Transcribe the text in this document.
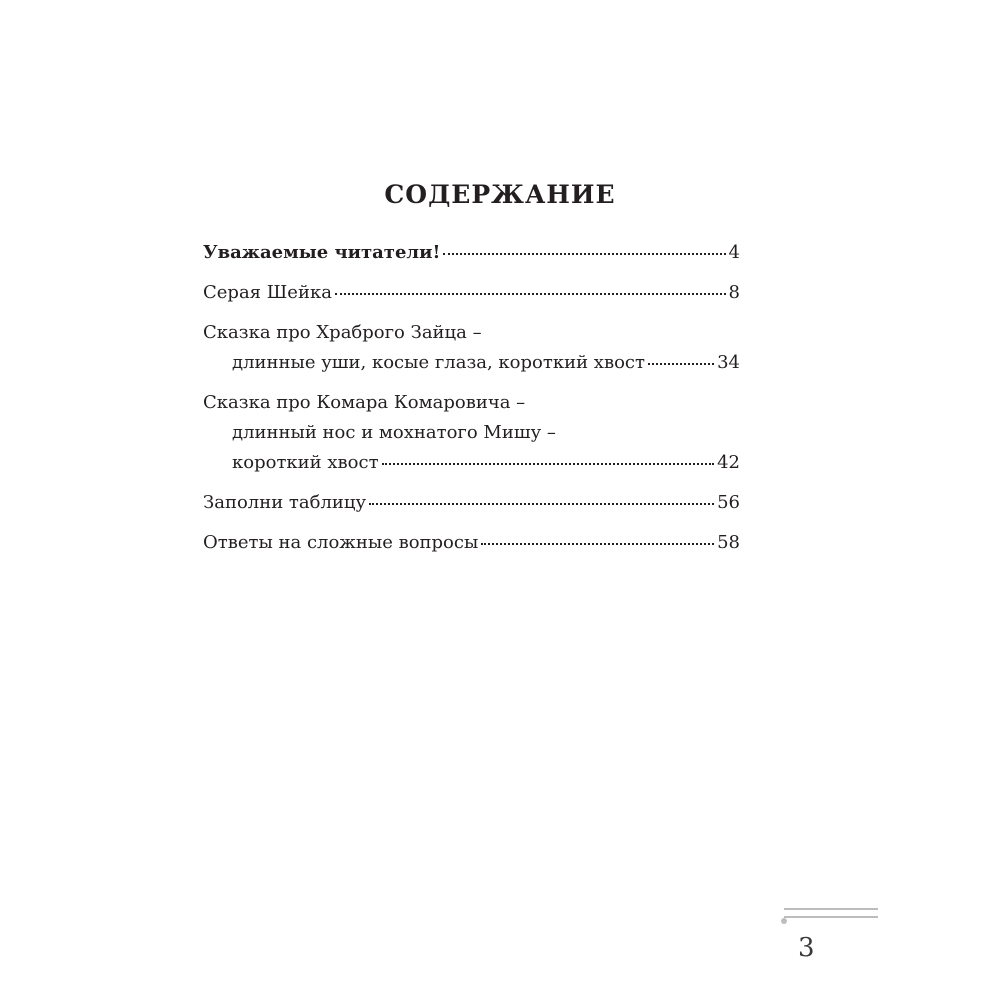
СОДЕРЖАНИЕ
Уважаемые читатели!	4
Серая Шейка	8
Сказка про Храброго Зайца –
длинные уши, косые глаза, короткий хвост	34
Сказка про Комара Комаровича –
длинный нос и мохнатого Мишу –
короткий хвост	42
Заполни таблицу	56
Ответы на сложные вопросы	58
3
